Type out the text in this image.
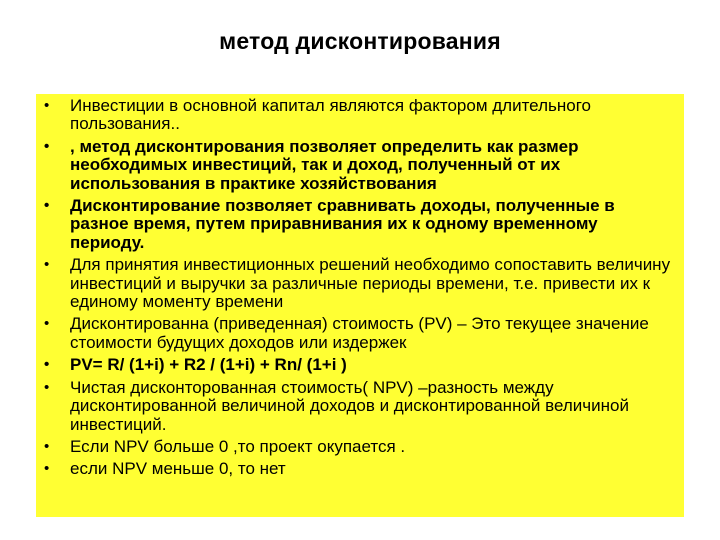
метод дисконтирования
• Инвестиции в основной капитал являются фактором длительного пользования..
• , метод дисконтирования позволяет определить как размер необходимых инвестиций, так и доход, полученный от их использования в практике хозяйствования
• Дисконтирование позволяет сравнивать доходы, полученные в разное время, путем приравнивания их к одному временному периоду.
• Для принятия инвестиционных решений необходимо сопоставить величину инвестиций и выручки за различные периоды времени, т.е. привести их к единому моменту времени
• Дисконтированна (приведенная) стоимость (PV) – Это текущее значение стоимости будущих доходов или издержек
• PV= R/ (1+i) + R2 / (1+i) + Rn/ (1+i )
• Чистая дисконторованная стоимость( NPV) –разность между дисконтированной величиной доходов и дисконтированной величиной инвестиций.
• Если NPV больше 0 ,то проект окупается .
• если NPV меньше 0, то нет
